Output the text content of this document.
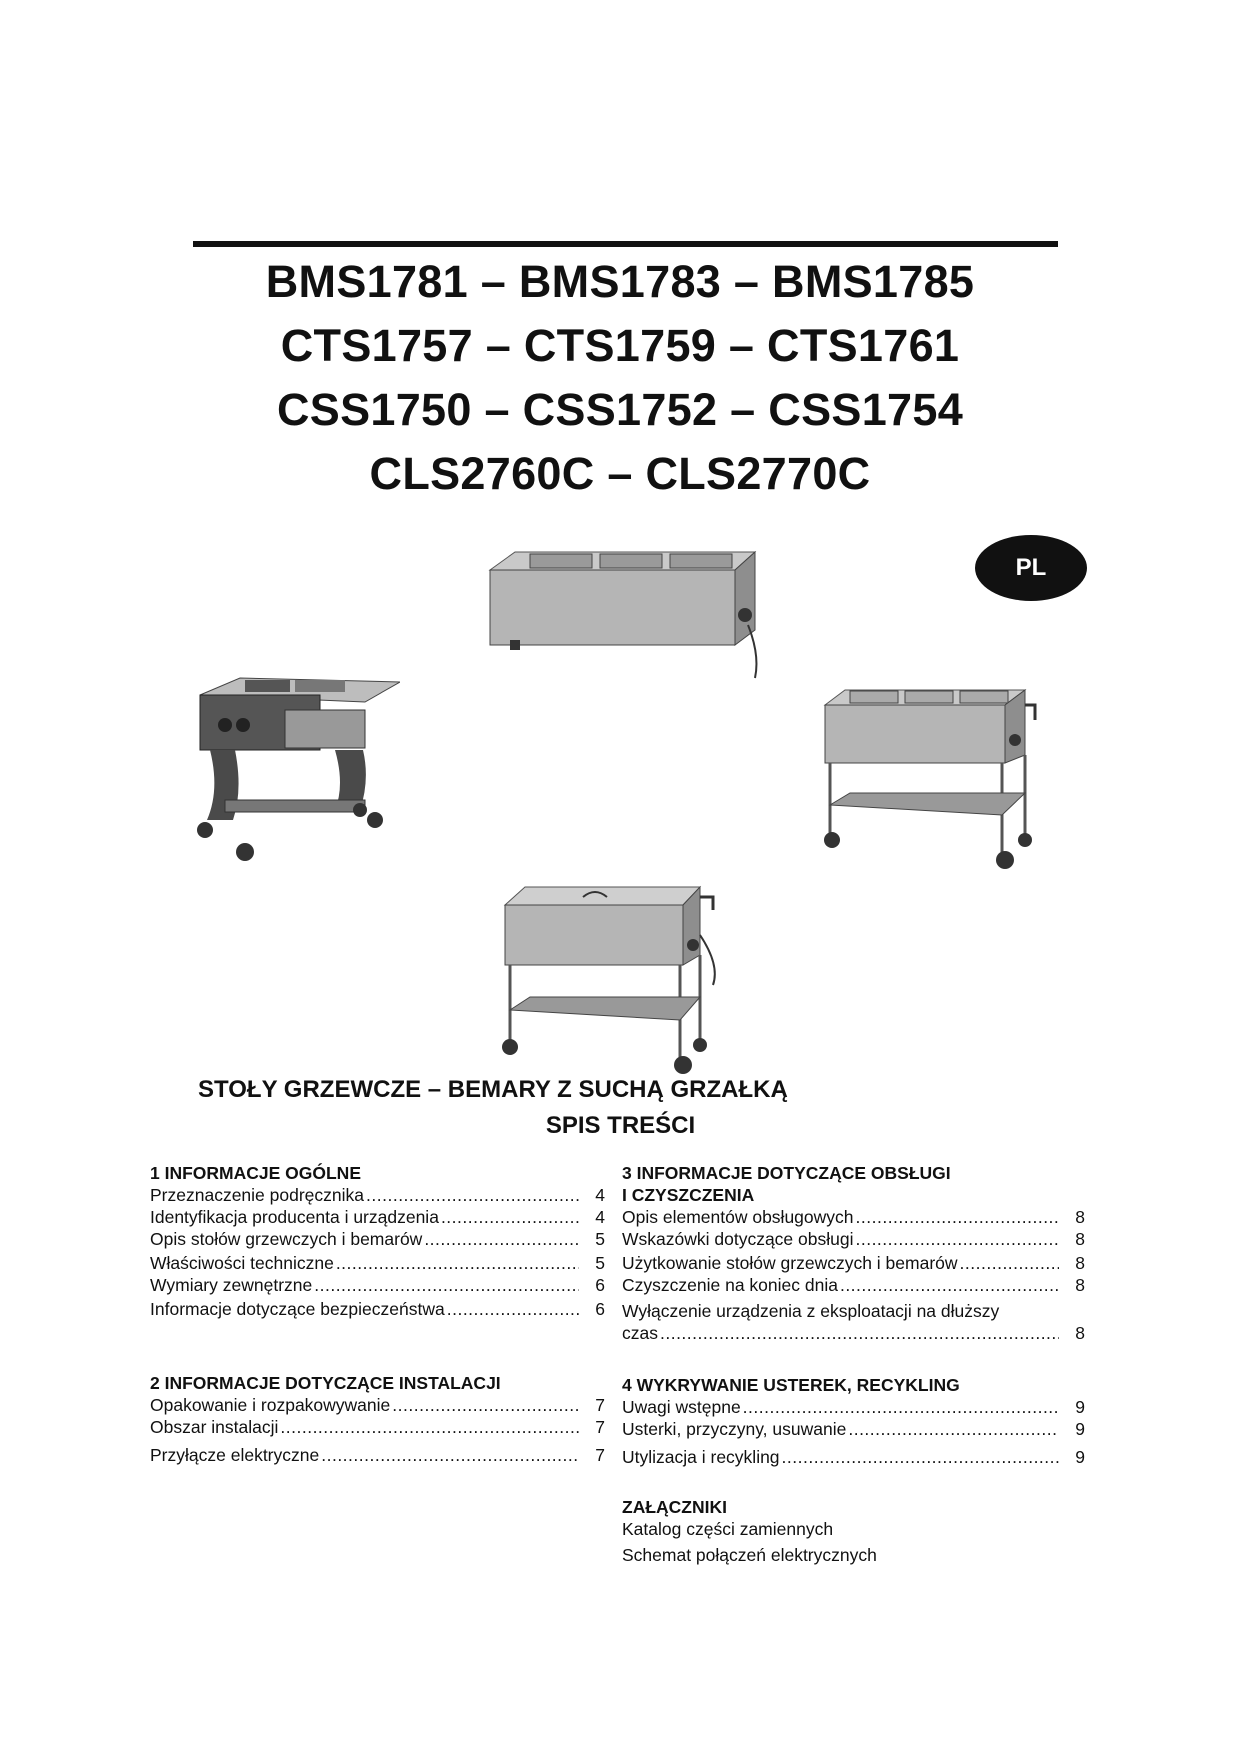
BMS1781 – BMS1783 – BMS1785
CTS1757 – CTS1759 – CTS1761
CSS1750 – CSS1752 – CSS1754
CLS2760C – CLS2770C
PL
STOŁY GRZEWCZE – BEMARY Z SUCHĄ GRZAŁKĄ
SPIS TREŚCI
1 INFORMACJE OGÓLNE
Przeznaczenie podręcznika .....	4
Identyfikacja producenta i urządzenia .....	4
Opis stołów grzewczych i bemarów .....	5
Właściwości techniczne .....	5
Wymiary zewnętrzne .....	6
Informacje dotyczące bezpieczeństwa .....	6
2 INFORMACJE DOTYCZĄCE INSTALACJI
Opakowanie i rozpakowywanie .....	7
Obszar instalacji .....	7
Przyłącze elektryczne .....	7
3 INFORMACJE DOTYCZĄCE OBSŁUGI
I CZYSZCZENIA
Opis elementów obsługowych .....	8
Wskazówki dotyczące obsługi .....	8
Użytkowanie stołów grzewczych i bemarów .....	8
Czyszczenie na koniec dnia .....	8
Wyłączenie urządzenia z eksploatacji na dłuższy
czas .....	8
4 WYKRYWANIE USTEREK, RECYKLING
Uwagi wstępne .....	9
Usterki, przyczyny, usuwanie .....	9
Utylizacja i recykling .....	9
ZAŁĄCZNIKI
Katalog części zamiennych
Schemat połączeń elektrycznych
